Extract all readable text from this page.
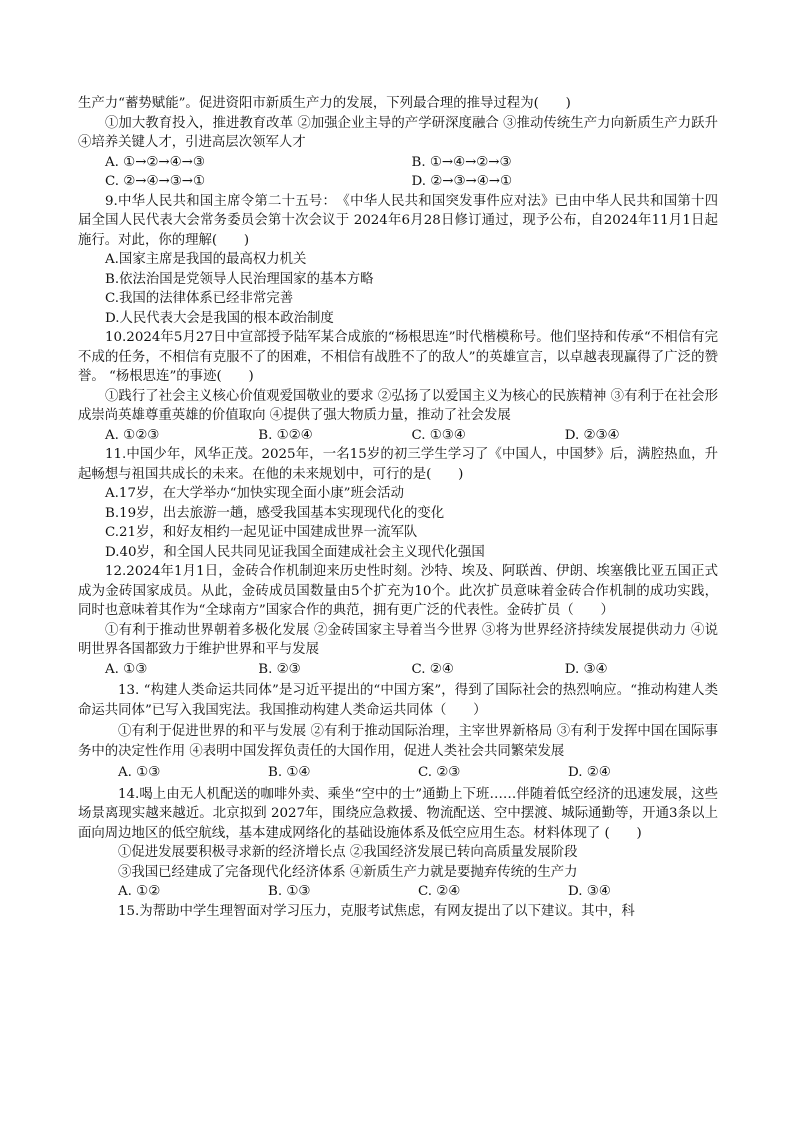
生产力“蓄势赋能”。促进资阳市新质生产力的发展，下列最合理的推导过程为(　　)

①加大教育投入，推进教育改革 ②加强企业主导的产学研深度融合 ③推动传统生产力向新质生产力跃升 ④培养关键人才，引进高层次领军人才

A. ①→②→④→③	B. ①→④→②→③
C. ②→④→③→①	D. ②→③→④→①

9.中华人民共和国主席令第二十五号：　《中华人民共和国突发事件应对法》已由中华人民共和国第十四届全国人民代表大会常务委员会第十次会议于 2024年6月28日修订通过，现予公布，自2024年11月1日起施行。对此，你的理解(　　)

A.国家主席是我国的最高权力机关

B.依法治国是党领导人民治理国家的基本方略

C.我国的法律体系已经非常完善

D.人民代表大会是我国的根本政治制度

10.2024年5月27日中宣部授予陆军某合成旅的“杨根思连”时代楷模称号。他们坚持和传承“不相信有完不成的任务，不相信有克服不了的困难，不相信有战胜不了的敌人”的英雄宣言，以卓越表现赢得了广泛的赞誉。 “杨根思连”的事迹(　　)

①践行了社会主义核心价值观爱国敬业的要求 ②弘扬了以爱国主义为核心的民族精神 ③有利于在社会形成崇尚英雄尊重英雄的价值取向 ④提供了强大物质力量，推动了社会发展

A. ①②③	B. ①②④	C. ①③④	D. ②③④

11.中国少年，风华正茂。2025年，一名15岁的初三学生学习了《中国人，中国梦》后，满腔热血，升起畅想与祖国共成长的未来。在他的未来规划中，可行的是(　　)

A.17岁，在大学举办“加快实现全面小康”班会活动

B.19岁，出去旅游一趟，感受我国基本实现现代化的变化

C.21岁，和好友相约一起见证中国建成世界一流军队

D.40岁，和全国人民共同见证我国全面建成社会主义现代化强国

12.2024年1月1日，金砖合作机制迎来历史性时刻。沙特、埃及、阿联酋、伊朗、埃塞俄比亚五国正式成为金砖国家成员。从此，金砖成员国数量由5个扩充为10个。此次扩员意味着金砖合作机制的成功实践，同时也意味着其作为“全球南方”国家合作的典范，拥有更广泛的代表性。金砖扩员（　　）

①有利于推动世界朝着多极化发展 ②金砖国家主导着当今世界 ③将为世界经济持续发展提供动力 ④说明世界各国都致力于维护世界和平与发展

A. ①③	B. ②③	C. ②④	D. ③④

13. “构建人类命运共同体”是习近平提出的“中国方案”，得到了国际社会的热烈响应。“推动构建人类命运共同体”已写入我国宪法。我国推动构建人类命运共同体（　　）

①有利于促进世界的和平与发展 ②有利于推动国际治理，主宰世界新格局 ③有利于发挥中国在国际事务中的决定性作用 ④表明中国发挥负责任的大国作用，促进人类社会共同繁荣发展

A. ①③	B. ①④	C. ②③	D. ②④

14.喝上由无人机配送的咖啡外卖、乘坐“空中的士”通勤上下班……伴随着低空经济的迅速发展，这些场景离现实越来越近。北京拟到 2027年，围绕应急救援、物流配送、空中摆渡、城际通勤等，开通3条以上面向周边地区的低空航线，基本建成网络化的基础设施体系及低空应用生态。材料体现了 (　　)

①促进发展要积极寻求新的经济增长点 ②我国经济发展已转向高质量发展阶段

③我国已经建成了完备现代化经济体系 ④新质生产力就是要抛弃传统的生产力

A. ①②	B. ①③	C. ②④	D. ③④

15.为帮助中学生理智面对学习压力，克服考试焦虑，有网友提出了以下建议。其中，科
